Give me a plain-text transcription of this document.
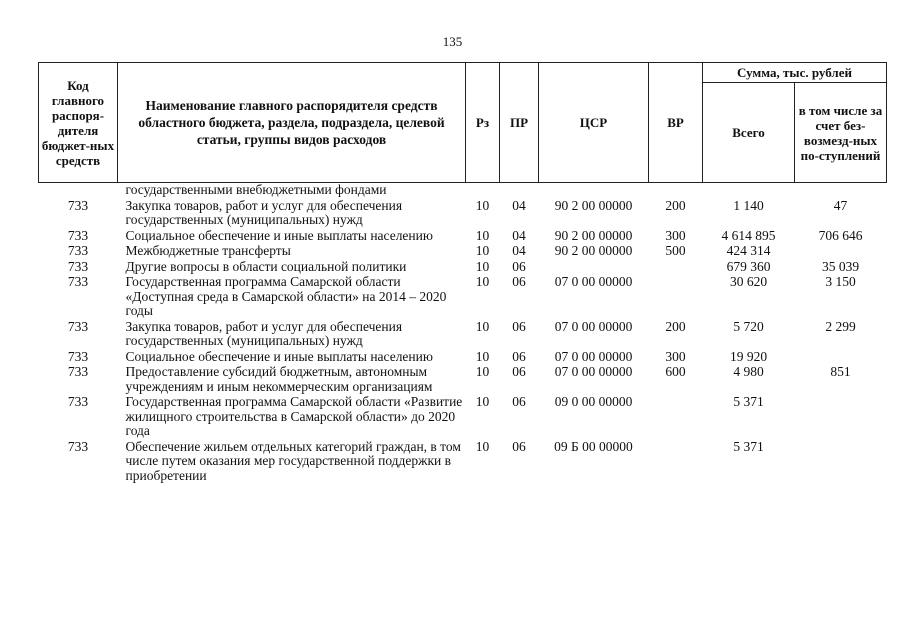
135
Код главного распоря-дителя бюджет-ных средств	Наименование главного распорядителя средств областного бюджета, раздела, подраздела, целевой статьи, группы видов расходов	Рз	ПР	ЦСР	ВР	Сумма, тыс. рублей	
						Всего	в том числе за счет без-возмезд-ных по-ступлений
	государственными внебюджетными фондами						
733	Закупка товаров, работ и услуг для обеспечения государственных (муниципальных) нужд	10	04	90 2 00 00000	200	1 140	47
733	Социальное обеспечение и иные выплаты населению	10	04	90 2 00 00000	300	4 614 895	706 646
733	Межбюджетные трансферты	10	04	90 2 00 00000	500	424 314	
733	Другие вопросы в области социальной политики	10	06			679 360	35 039
733	Государственная программа Самарской области «Доступная среда в Самарской области» на 2014 – 2020 годы	10	06	07 0 00 00000		30 620	3 150
733	Закупка товаров, работ и услуг для обеспечения государственных (муниципальных) нужд	10	06	07 0 00 00000	200	5 720	2 299
733	Социальное обеспечение и иные выплаты населению	10	06	07 0 00 00000	300	19 920	
733	Предоставление субсидий бюджетным, автономным учреждениям и иным некоммерческим организациям	10	06	07 0 00 00000	600	4 980	851
733	Государственная программа Самарской области «Развитие жилищного строительства в Самарской области» до 2020 года	10	06	09 0 00 00000		5 371	
733	Обеспечение жильем отдельных категорий граждан, в том числе путем оказания мер государственной поддержки в приобретении	10	06	09 Б 00 00000		5 371	
